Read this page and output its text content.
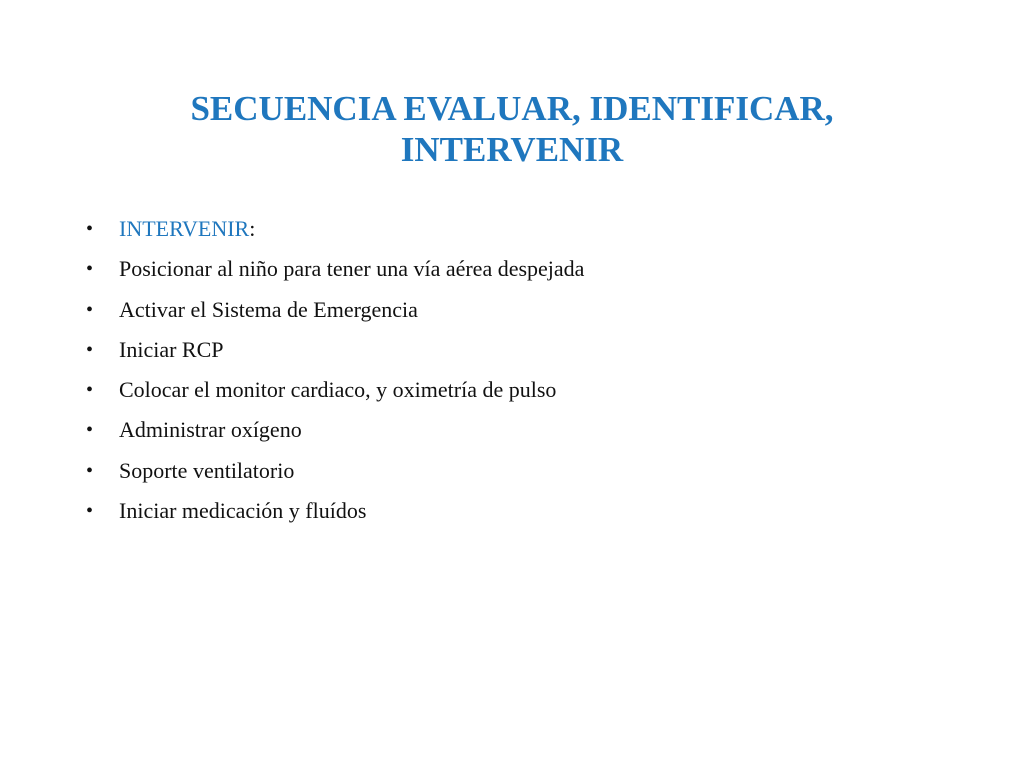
SECUENCIA EVALUAR, IDENTIFICAR,
INTERVENIR
• INTERVENIR:
• Posicionar al niño para tener una vía aérea despejada
• Activar el Sistema de Emergencia
• Iniciar RCP
• Colocar el monitor cardiaco, y oximetría de pulso
• Administrar oxígeno
• Soporte ventilatorio
• Iniciar medicación y fluídos
